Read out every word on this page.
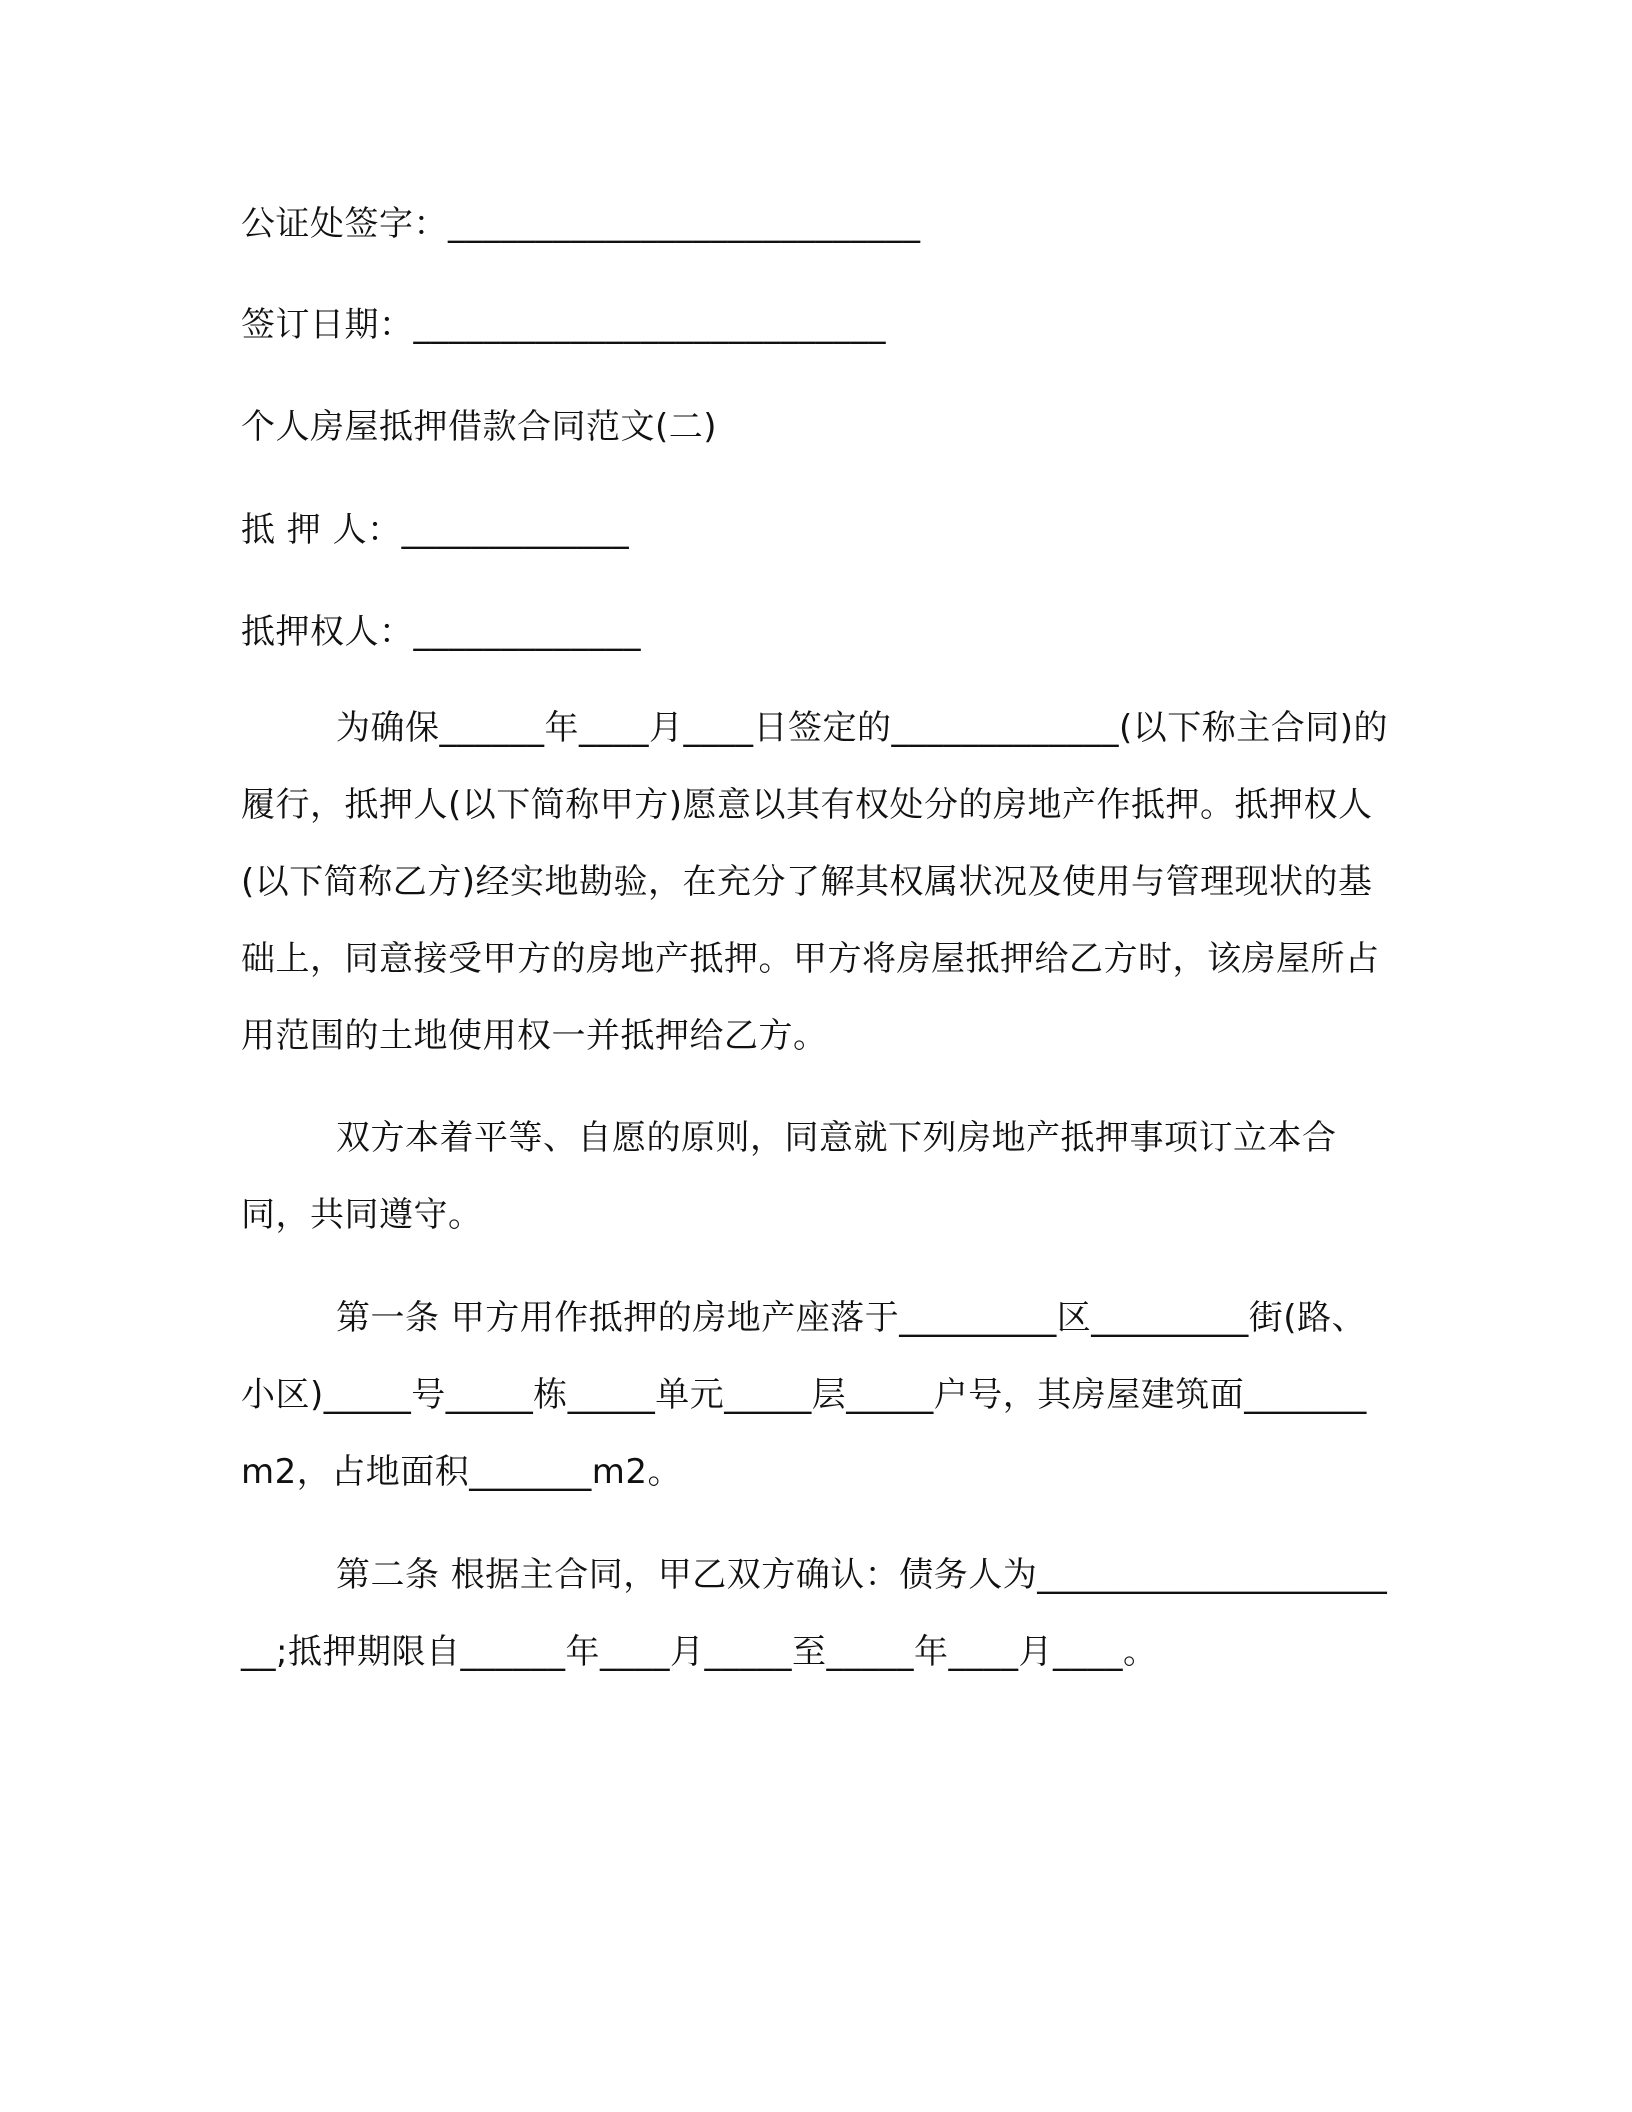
公证处签字：___________________________
签订日期：___________________________
个人房屋抵押借款合同范文(二)
抵 押 人：_____________
抵押权人：_____________
为确保______年____月____日签定的_____________(以下称主合同)的履行，抵押人(以下简称甲方)愿意以其有权处分的房地产作抵押。抵押权人(以下简称乙方)经实地勘验，在充分了解其权属状况及使用与管理现状的基础上，同意接受甲方的房地产抵押。甲方将房屋抵押给乙方时，该房屋所占用范围的土地使用权一并抵押给乙方。
双方本着平等、自愿的原则，同意就下列房地产抵押事项订立本合同，共同遵守。
第一条 甲方用作抵押的房地产座落于_________区_________街(路、小区)_____号_____栋_____单元_____层_____户号，其房屋建筑面_______m2，占地面积_______m2。
第二条 根据主合同，甲乙双方确认：债务人为______________________;抵押期限自______年____月_____至_____年____月____。
